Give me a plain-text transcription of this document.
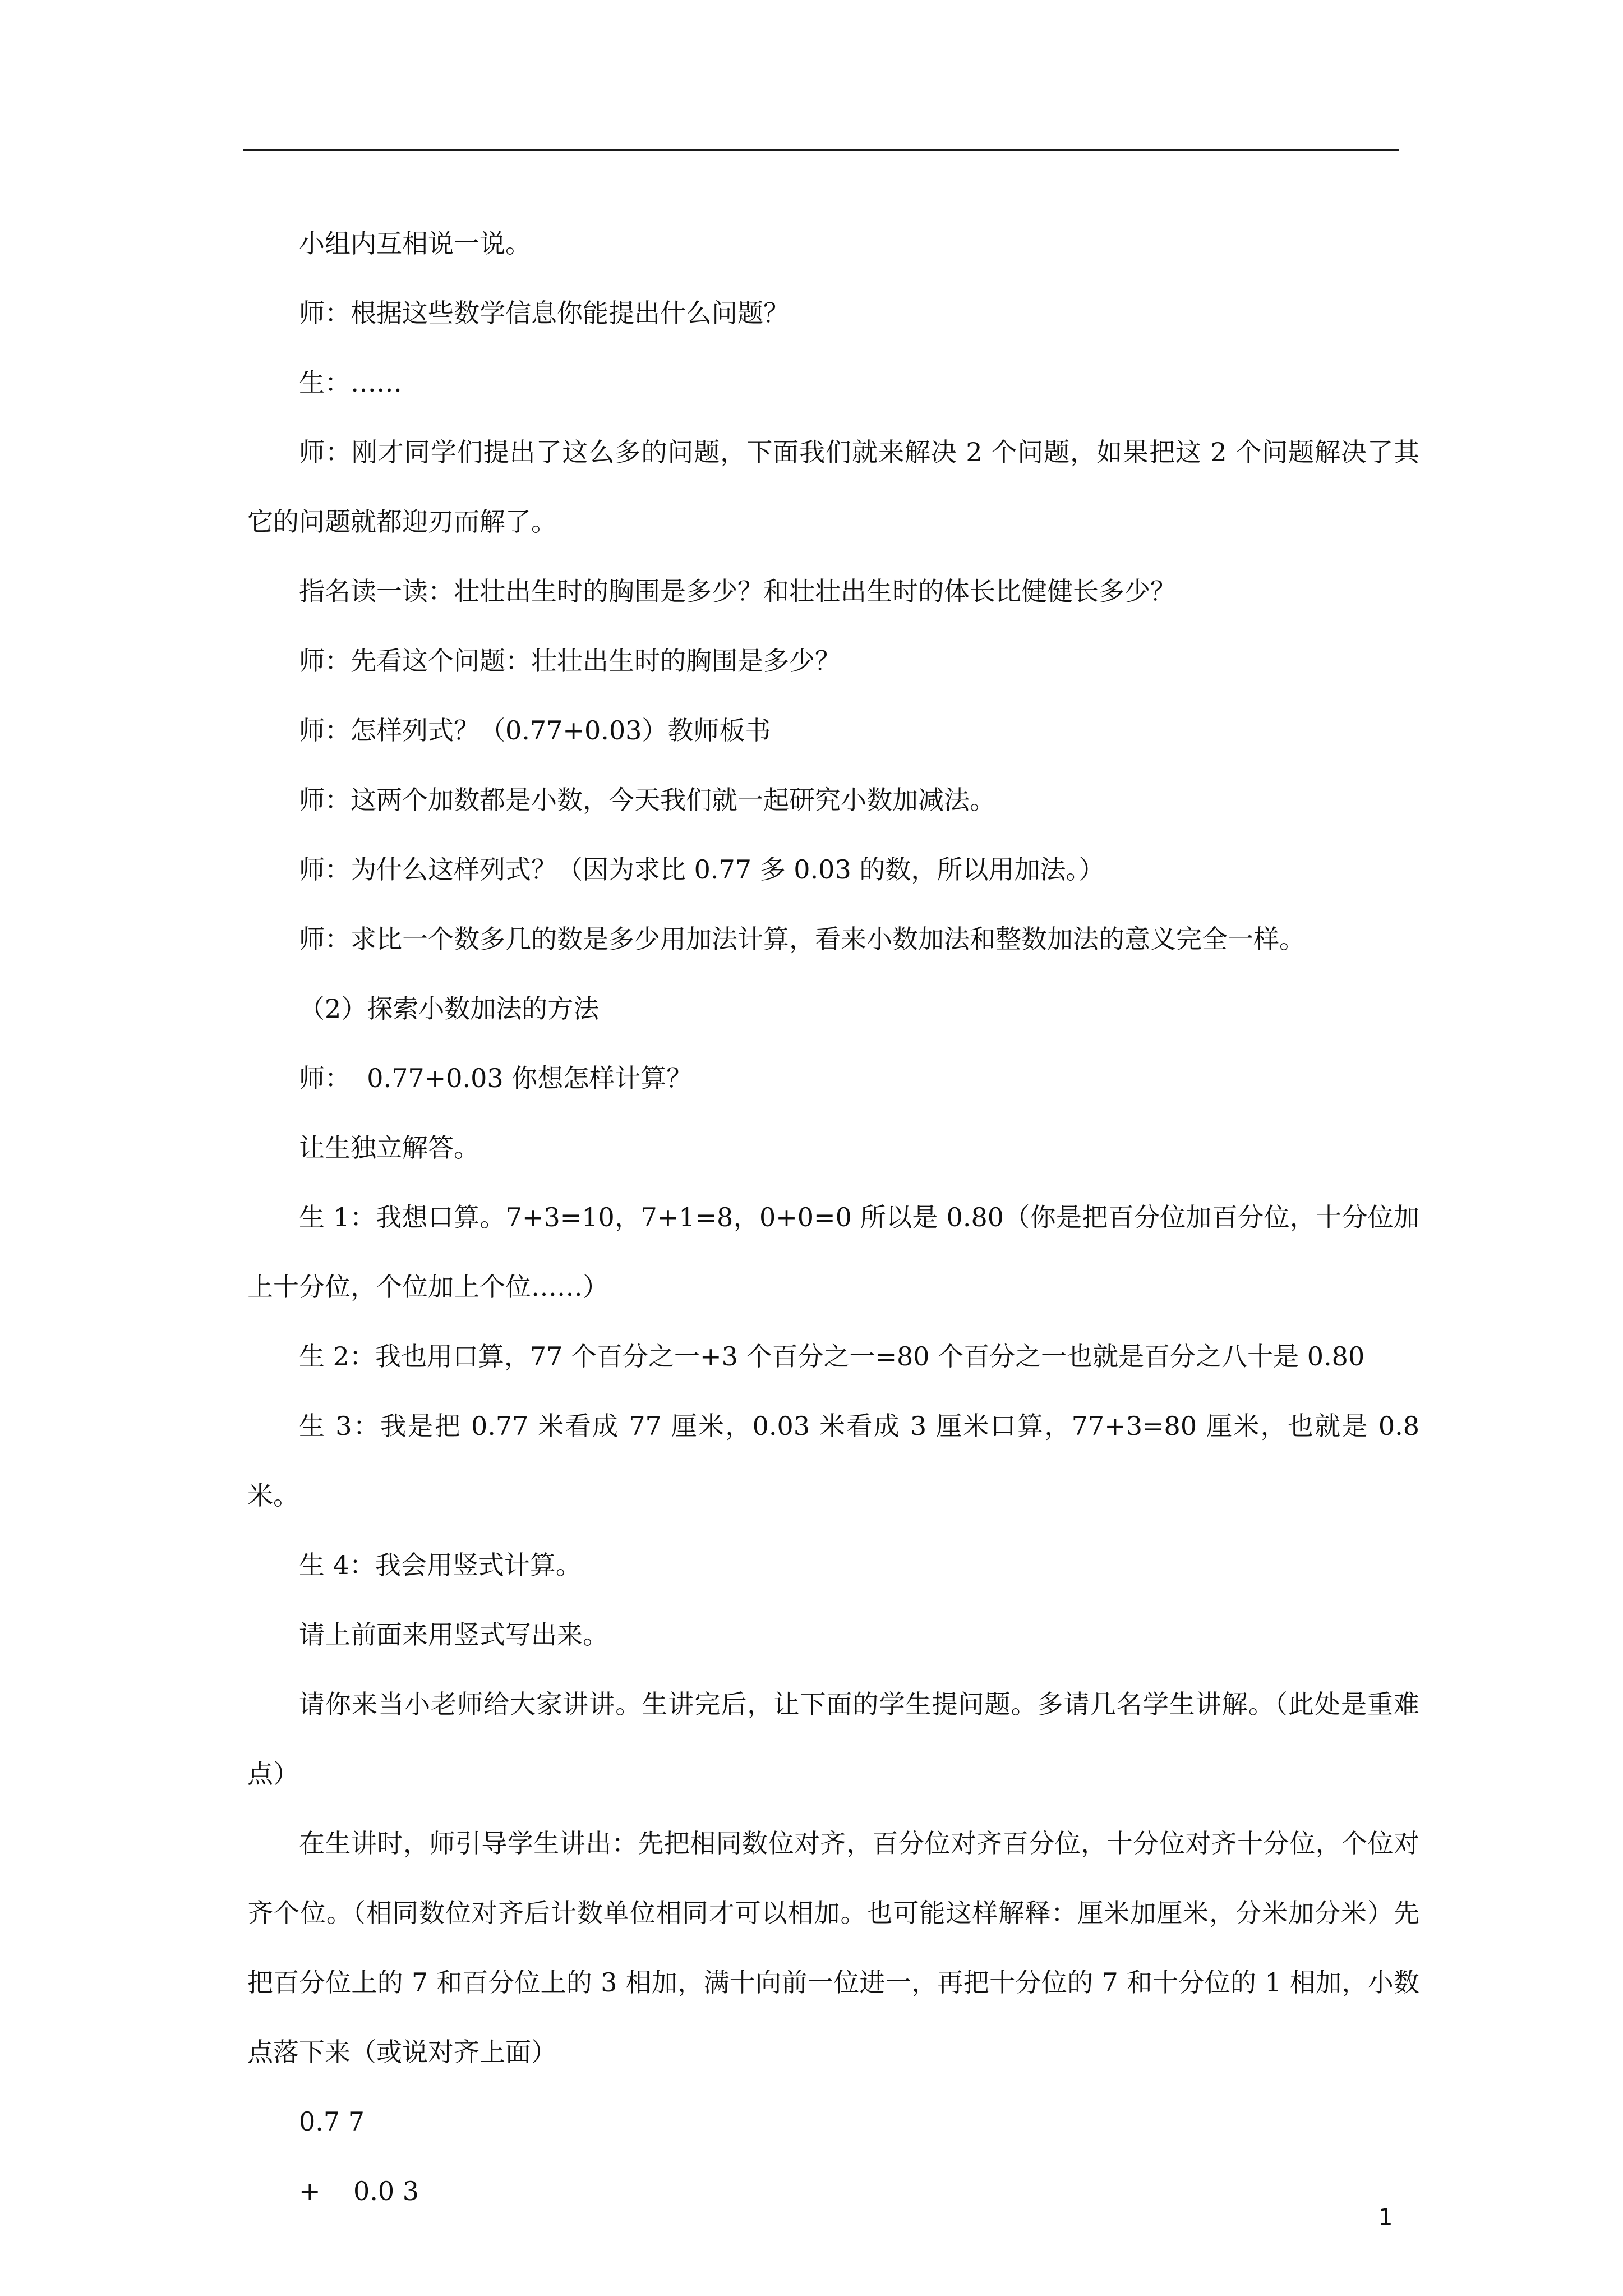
小组内互相说一说。

师：根据这些数学信息你能提出什么问题？

生：……

师：刚才同学们提出了这么多的问题，下面我们就来解决 2 个问题，如果把这 2 个问题解决了其它的问题就都迎刃而解了。

指名读一读：壮壮出生时的胸围是多少？和壮壮出生时的体长比健健长多少？

师：先看这个问题：壮壮出生时的胸围是多少？

师：怎样列式？（0.77+0.03）教师板书

师：这两个加数都是小数，今天我们就一起研究小数加减法。

师：为什么这样列式？（因为求比 0.77 多 0.03 的数，所以用加法。）

师：求比一个数多几的数是多少用加法计算，看来小数加法和整数加法的意义完全一样。

（2）探索小数加法的方法

师：  0.77+0.03 你想怎样计算？

让生独立解答。

生 1：我想口算。7+3=10，7+1=8，0+0=0 所以是 0.80（你是把百分位加百分位，十分位加上十分位，个位加上个位……）

生 2：我也用口算，77 个百分之一+3 个百分之一=80 个百分之一也就是百分之八十是 0.80

生 3：我是把 0.77 米看成 77 厘米，0.03 米看成 3 厘米口算，77+3=80 厘米，也就是 0.8 米。

生 4：我会用竖式计算。

请上前面来用竖式写出来。

请你来当小老师给大家讲讲。生讲完后，让下面的学生提问题。多请几名学生讲解。（此处是重难点）

在生讲时，师引导学生讲出：先把相同数位对齐，百分位对齐百分位，十分位对齐十分位，个位对齐个位。（相同数位对齐后计数单位相同才可以相加。也可能这样解释：厘米加厘米，分米加分米）先把百分位上的 7 和百分位上的 3 相加，满十向前一位进一，再把十分位的 7 和十分位的 1 相加，小数点落下来（或说对齐上面）

0.7 7

+    0.0 3

1
